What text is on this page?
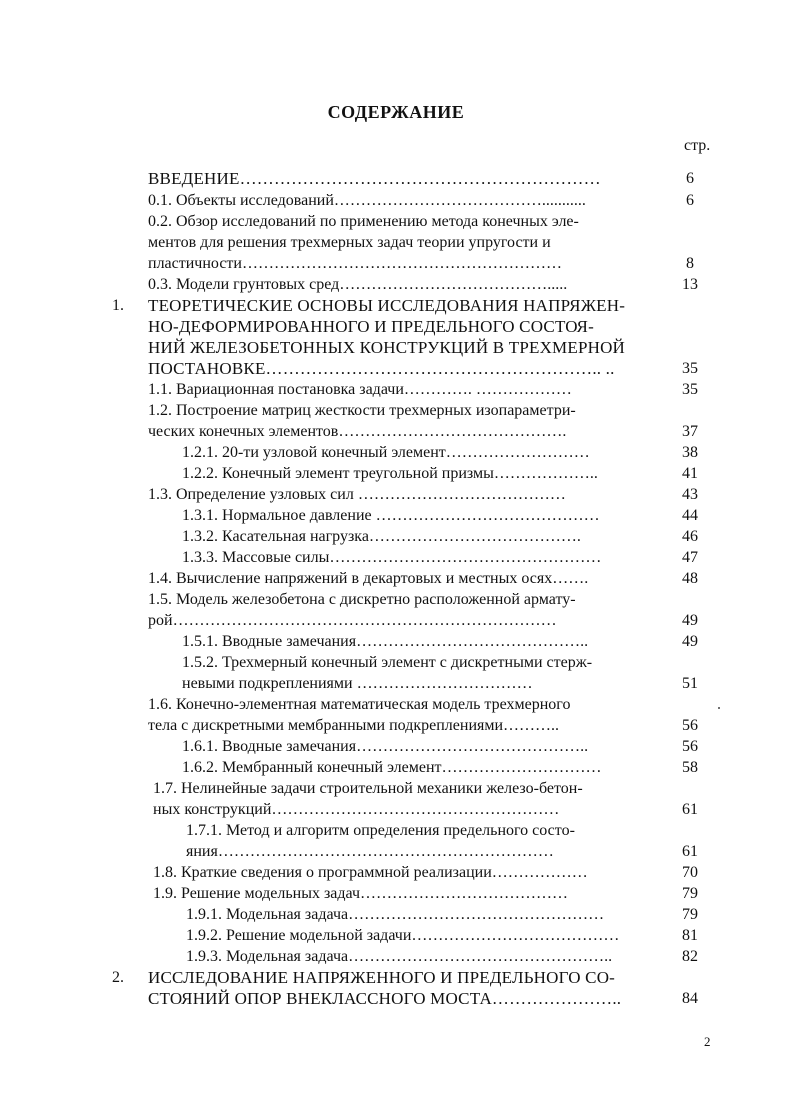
СОДЕРЖАНИЕ
стр.
ВВЕДЕНИЕ………………………………………………………	6
0.1. Объекты исследований…………………………………...........	6
0.2. Обзор исследований по применению метода конечных эле-
ментов для решения трехмерных задач теории упругости и
пластичности……………………………………………………	8
0.3. Модели грунтовых сред………………………………….....	13
1. ТЕОРЕТИЧЕСКИЕ ОСНОВЫ ИССЛЕДОВАНИЯ НАПРЯЖЕН-
НО-ДЕФОРМИРОВАННОГО И ПРЕДЕЛЬНОГО СОСТОЯ-
НИЙ ЖЕЛЕЗОБЕТОННЫХ КОНСТРУКЦИЙ В ТРЕХМЕРНОЙ
ПОСТАНОВКЕ………………………………………………….. ..	35
1.1. Вариационная постановка задачи…………. ………………	35
1.2. Построение матриц жесткости трехмерных изопараметри-
ческих конечных элементов…………………………………….	37
1.2.1. 20-ти узловой конечный элемент………………………	38
1.2.2. Конечный элемент треугольной призмы………………..	41
1.3. Определение узловых сил …………………………………	43
1.3.1. Нормальное давление ……………………………………	44
1.3.2. Касательная нагрузка………………………………….	46
1.3.3. Массовые силы……………………………………………	47
1.4. Вычисление напряжений в декартовых и местных осях…….	48
1.5. Модель железобетона с дискретно расположенной армату-
рой………………………………………………………………	49
1.5.1. Вводные замечания……………………………………..	49
1.5.2. Трехмерный конечный элемент с дискретными стерж-
невыми подкреплениями ……………………………	51
1.6. Конечно-элементная математическая модель трехмерного
тела с дискретными мембранными подкреплениями………..	56
1.6.1. Вводные замечания……………………………………..	56
1.6.2. Мембранный конечный элемент…………………………	58
1.7. Нелинейные задачи строительной механики железо-бетон-
ных конструкций………………………………………………	61
1.7.1. Метод и алгоритм определения предельного состо-
яния………………………………………………………	61
1.8. Краткие сведения о программной реализации………………	70
1.9. Решение модельных задач…………………………………	79
1.9.1. Модельная задача…………………………………………	79
1.9.2. Решение модельной задачи…………………………………	81
1.9.3. Модельная задача…………………………………………..	82
2. ИССЛЕДОВАНИЕ НАПРЯЖЕННОГО И ПРЕДЕЛЬНОГО СО-
СТОЯНИЙ ОПОР ВНЕКЛАССНОГО МОСТА…………………..	84
2
